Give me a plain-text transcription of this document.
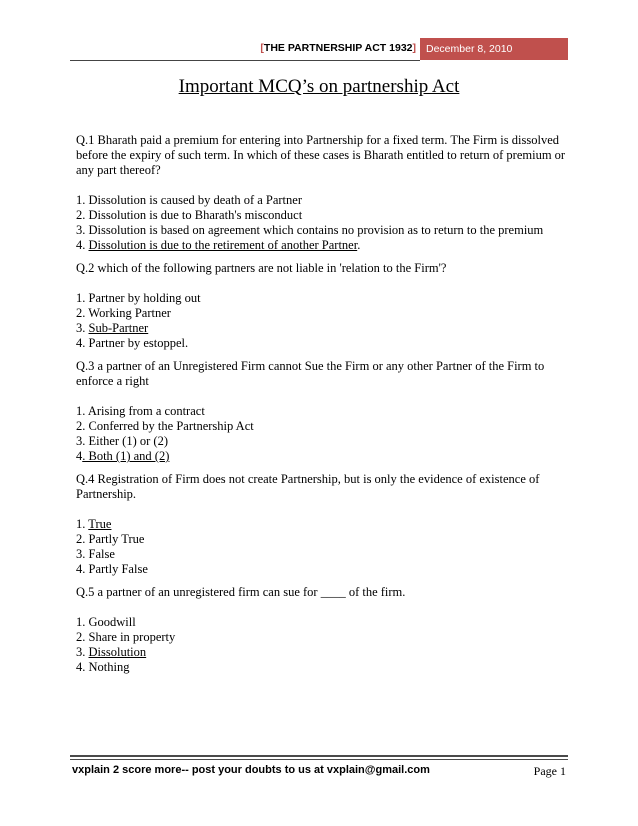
[THE PARTNERSHIP ACT 1932] December 8, 2010
Important MCQ’s on partnership Act

Q.1 Bharath paid a premium for entering into Partnership for a fixed term. The Firm is dissolved before the expiry of such term. In which of these cases is Bharath entitled to return of premium or any part thereof?

1. Dissolution is caused by death of a Partner
2. Dissolution is due to Bharath's misconduct
3. Dissolution is based on agreement which contains no provision as to return to the premium
4. Dissolution is due to the retirement of another Partner.

Q.2 which of the following partners are not liable in 'relation to the Firm'?

1. Partner by holding out
2. Working Partner
3. Sub-Partner
4. Partner by estoppel.

Q.3 a partner of an Unregistered Firm cannot Sue the Firm or any other Partner of the Firm to enforce a right

1. Arising from a contract
2. Conferred by the Partnership Act
3. Either (1) or (2)
4. Both (1) and (2)

Q.4 Registration of Firm does not create Partnership, but is only the evidence of existence of Partnership.

1. True
2. Partly True
3. False
4. Partly False

Q.5 a partner of an unregistered firm can sue for ____ of the firm.

1. Goodwill
2. Share in property
3. Dissolution
4. Nothing
vxplain 2 score more-- post your doubts to us at vxplain@gmail.com	Page 1
